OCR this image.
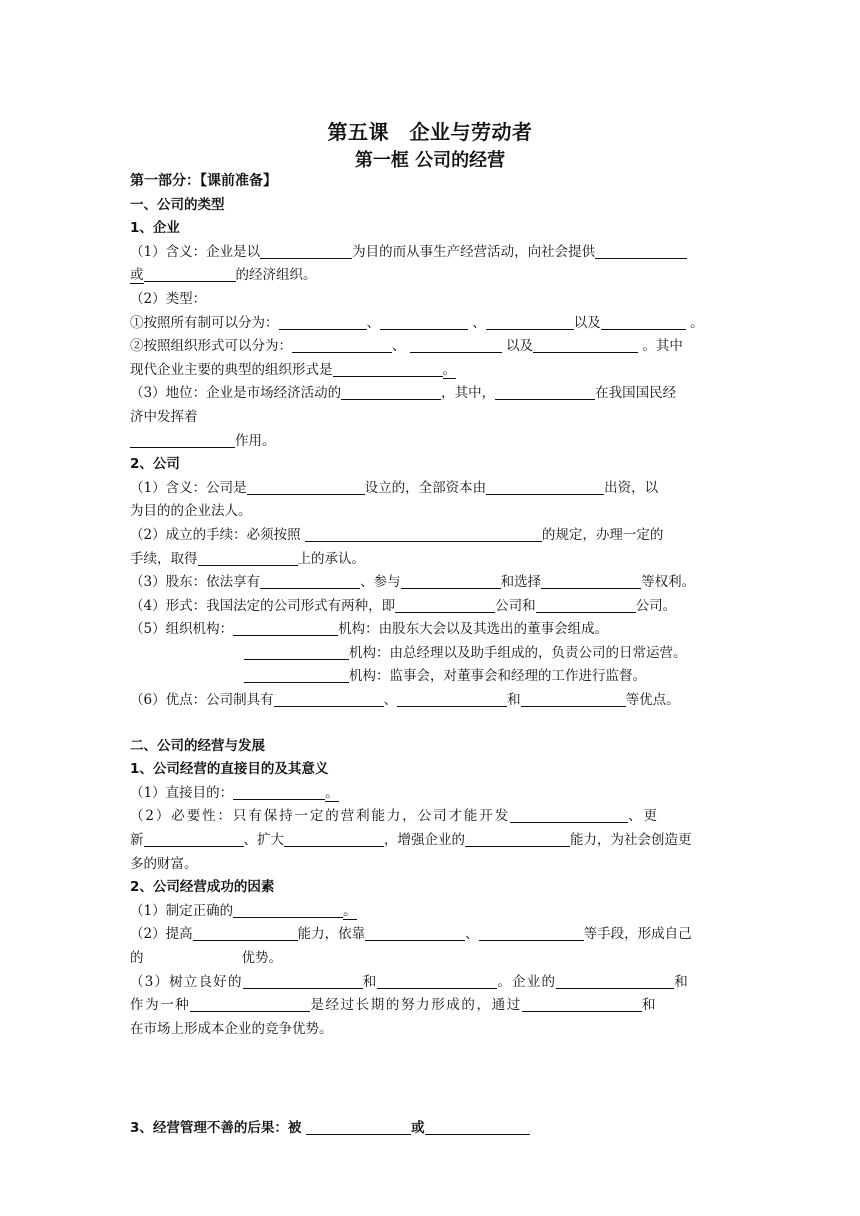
第五课　企业与劳动者
第一框 公司的经营
第一部分：【课前准备】
一、公司的类型
1、企业
（1）含义：企业是以	为目的而从事生产经营活动，向社会提供
或	的经济组织。
（2）类型：
①按照所有制可以分为：	、	、	以及	。
②按照组织形式可以分为：	、	以及	。其中
现代企业主要的典型的组织形式是	。
（3）地位：企业是市场经济活动的	，其中，	在我国国民经
济中发挥着
作用。
2、公司
（1）含义：公司是	设立的，全部资本由	出资，以
为目的的企业法人。
（2）成立的手续：必须按照	的规定，办理一定的
手续，取得	上的承认。
（3）股东：依法享有	、参与	和选择	等权利。
（4）形式：我国法定的公司形式有两种，即	公司和	公司。
（5）组织机构：	机构：由股东大会以及其选出的董事会组成。
机构：由总经理以及助手组成的，负责公司的日常运营。
机构：监事会，对董事会和经理的工作进行监督。
（6）优点：公司制具有	、	和	等优点。
二、公司的经营与发展
1、公司经营的直接目的及其意义
（1）直接目的：	。
（2）必要性：只有保持一定的营利能力，公司才能开发	、更
新	、扩大	，增强企业的	能力，为社会创造更
多的财富。
2、公司经营成功的因素
（1）制定正确的	。
（2）提高	能力，依靠	、	等手段，形成自己
的	优势。
（3）树立良好的	和	。企业的	和
作为一种	是经过长期的努力形成的，通过	和
在市场上形成本企业的竞争优势。
3、经营管理不善的后果：被	或
